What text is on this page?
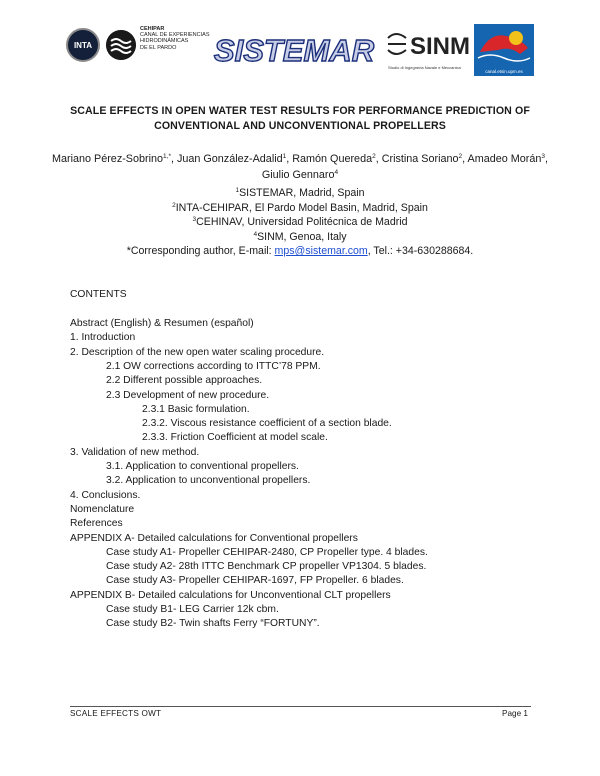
INTA
CEHIPAR
CANAL DE EXPERIENCIAS
HIDRODINÁMICAS
DE EL PARDO	SISTEMAR SINM
Studio di Ingegneria Navale e Meccanica
canal.etsin.upm.es
SCALE EFFECTS IN OPEN WATER TEST RESULTS FOR PERFORMANCE PREDICTION OF
CONVENTIONAL AND UNCONVENTIONAL PROPELLERS
Mariano Pérez-Sobrino$^{1,*}$, Juan González-Adalid$^1$, Ramón Quereda$^2$, Cristina Soriano$^2$, Amadeo Morán$^3$, Giulio Gennaro$^4$
$^1$SISTEMAR, Madrid, Spain
$^2$INTA-CEHIPAR, El Pardo Model Basin, Madrid, Spain
$^3$CEHINAV, Universidad Politécnica de Madrid
$^4$SINM, Genoa, Italy
*Corresponding author, E-mail: mps@sistemar.com, Tel.: +34-630288684.
CONTENTS
Abstract (English) & Resumen (español)
1. Introduction
2. Description of the new open water scaling procedure.
2.1 OW corrections according to ITTC’78 PPM.
2.2 Different possible approaches.
2.3 Development of new procedure.
2.3.1 Basic formulation.
2.3.2. Viscous resistance coefficient of a section blade.
2.3.3. Friction Coefficient at model scale.
3. Validation of new method.
3.1. Application to conventional propellers.
3.2. Application to unconventional propellers.
4. Conclusions.
Nomenclature
References
APPENDIX A- Detailed calculations for Conventional propellers
Case study A1- Propeller CEHIPAR-2480, CP Propeller type. 4 blades.
Case study A2- 28th ITTC Benchmark CP propeller VP1304. 5 blades.
Case study A3- Propeller CEHIPAR-1697, FP Propeller. 6 blades.
APPENDIX B- Detailed calculations for Unconventional CLT propellers
Case study B1- LEG Carrier 12k cbm.
Case study B2- Twin shafts Ferry “FORTUNY”.
SCALE EFFECTS OWT	Page 1
